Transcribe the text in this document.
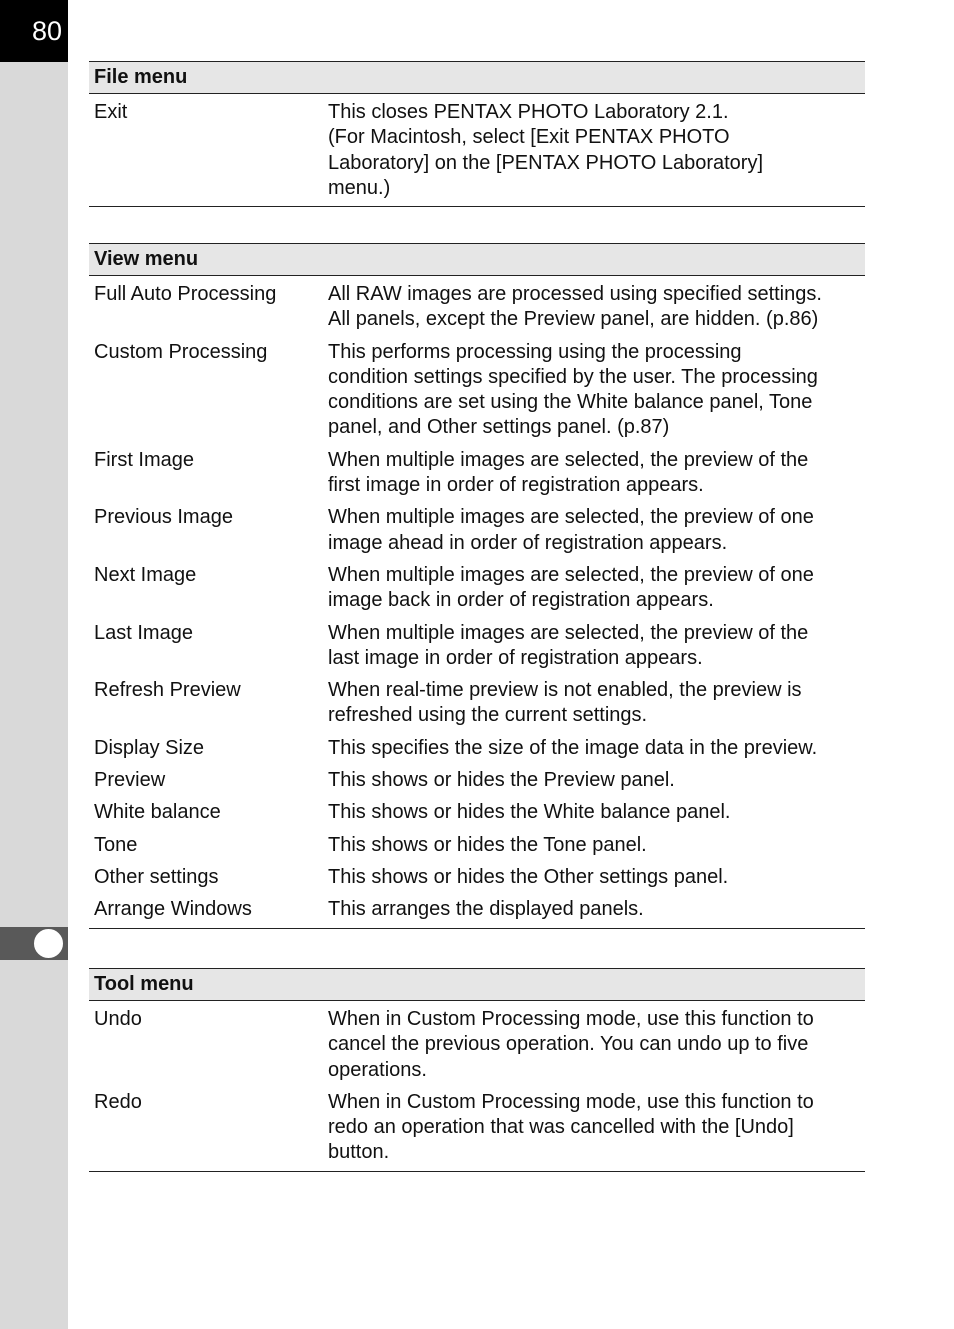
80
File menu
Exit	This closes PENTAX PHOTO Laboratory 2.1.
(For Macintosh, select [Exit PENTAX PHOTO
Laboratory] on the [PENTAX PHOTO Laboratory]
menu.)
View menu
Full Auto Processing	All RAW images are processed using specified settings.
All panels, except the Preview panel, are hidden. (p.86)
Custom Processing	This performs processing using the processing
condition settings specified by the user. The processing
conditions are set using the White balance panel, Tone
panel, and Other settings panel. (p.87)
First Image	When multiple images are selected, the preview of the
first image in order of registration appears.
Previous Image	When multiple images are selected, the preview of one
image ahead in order of registration appears.
Next Image	When multiple images are selected, the preview of one
image back in order of registration appears.
Last Image	When multiple images are selected, the preview of the
last image in order of registration appears.
Refresh Preview	When real-time preview is not enabled, the preview is
refreshed using the current settings.
Display Size	This specifies the size of the image data in the preview.
Preview	This shows or hides the Preview panel.
White balance	This shows or hides the White balance panel.
Tone	This shows or hides the Tone panel.
Other settings	This shows or hides the Other settings panel.
Arrange Windows	This arranges the displayed panels.
Tool menu
Undo	When in Custom Processing mode, use this function to
cancel the previous operation. You can undo up to five
operations.
Redo	When in Custom Processing mode, use this function to
redo an operation that was cancelled with the [Undo]
button.
